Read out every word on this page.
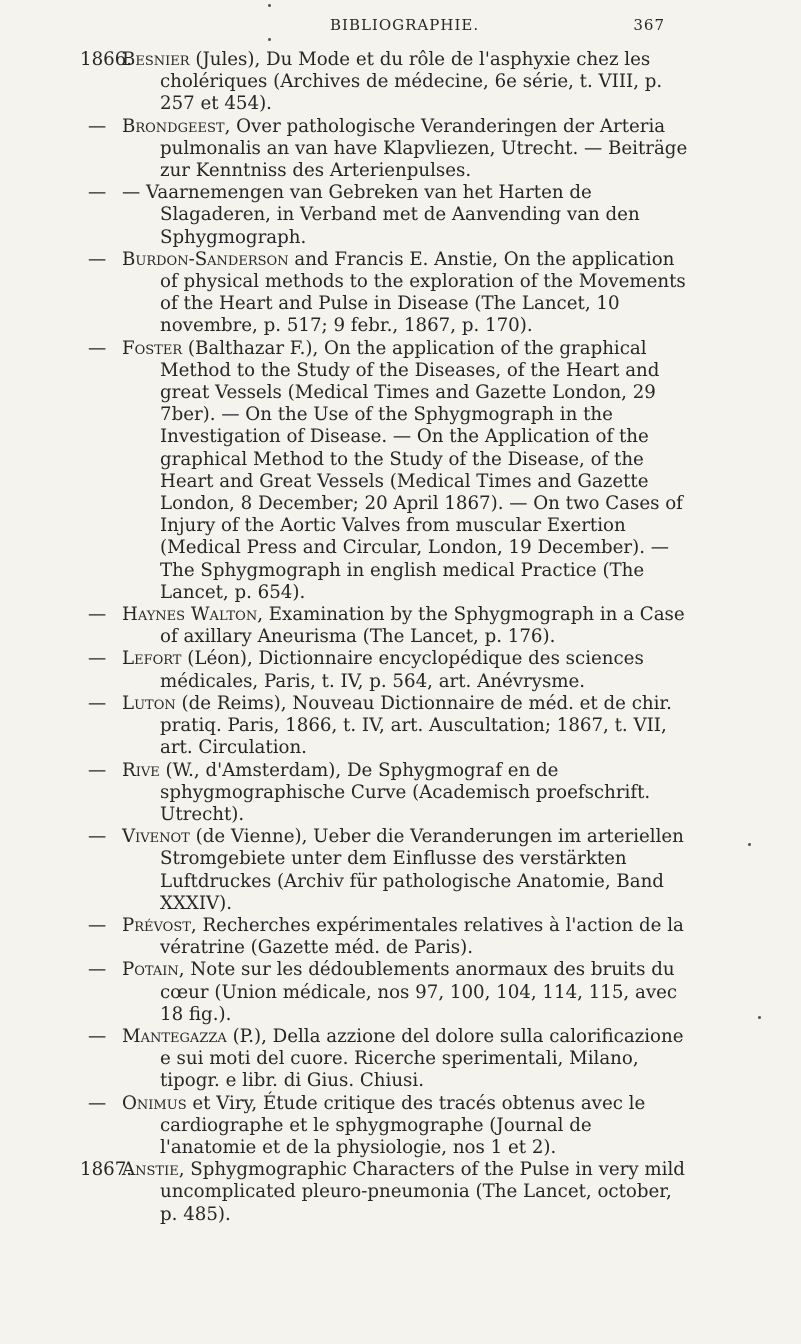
BIBLIOGRAPHIE.	367

1866.
Besnier (Jules), Du Mode et du rôle de l'asphyxie chez les cholériques (Archives de médecine, 6e série, t. VIII, p. 257 et 454).

— Brondgeest, Over pathologische Veranderingen der Arteria pulmonalis an van have Klapvliezen, Utrecht. — Beiträge zur Kenntniss des Arterienpulses.

— — Vaarnemengen van Gebreken van het Harten de Slagaderen, in Verband met de Aanvending van den Sphygmograph.

— Burdon-Sanderson and Francis E. Anstie, On the application of physical methods to the exploration of the Movements of the Heart and Pulse in Disease (The Lancet, 10 novembre, p. 517; 9 febr., 1867, p. 170).

— Foster (Balthazar F.), On the application of the graphical Method to the Study of the Diseases, of the Heart and great Vessels (Medical Times and Gazette London, 29 7ber). — On the Use of the Sphygmograph in the Investigation of Disease. — On the Application of the graphical Method to the Study of the Disease, of the Heart and Great Vessels (Medical Times and Gazette London, 8 December; 20 April 1867). — On two Cases of Injury of the Aortic Valves from muscular Exertion (Medical Press and Circular, London, 19 December). — The Sphygmograph in english medical Practice (The Lancet, p. 654).

— Haynes Walton, Examination by the Sphygmograph in a Case of axillary Aneurisma (The Lancet, p. 176).

— Lefort (Léon), Dictionnaire encyclopédique des sciences médicales, Paris, t. IV, p. 564, art. Anévrysme.

— Luton (de Reims), Nouveau Dictionnaire de méd. et de chir. pratiq. Paris, 1866, t. IV, art. Auscultation; 1867, t. VII, art. Circulation.

— Rive (W., d'Amsterdam), De Sphygmograf en de sphygmographische Curve (Academisch proefschrift. Utrecht).

— Vivenot (de Vienne), Ueber die Veranderungen im arteriellen Stromgebiete unter dem Einflusse des verstärkten Luftdruckes (Archiv für pathologische Anatomie, Band XXXIV).

— Prévost, Recherches expérimentales relatives à l'action de la vératrine (Gazette méd. de Paris).

— Potain, Note sur les dédoublements anormaux des bruits du cœur (Union médicale, nos 97, 100, 104, 114, 115, avec 18 fig.).

— Mantegazza (P.), Della azzione del dolore sulla calorificazione e sui moti del cuore. Ricerche sperimentali, Milano, tipogr. e libr. di Gius. Chiusi.

— Onimus et Viry, Étude critique des tracés obtenus avec le cardiographe et le sphygmographe (Journal de l'anatomie et de la physiologie, nos 1 et 2).

1867.
Anstie, Sphygmographic Characters of the Pulse in very mild uncomplicated pleuro-pneumonia (The Lancet, october, p. 485).
